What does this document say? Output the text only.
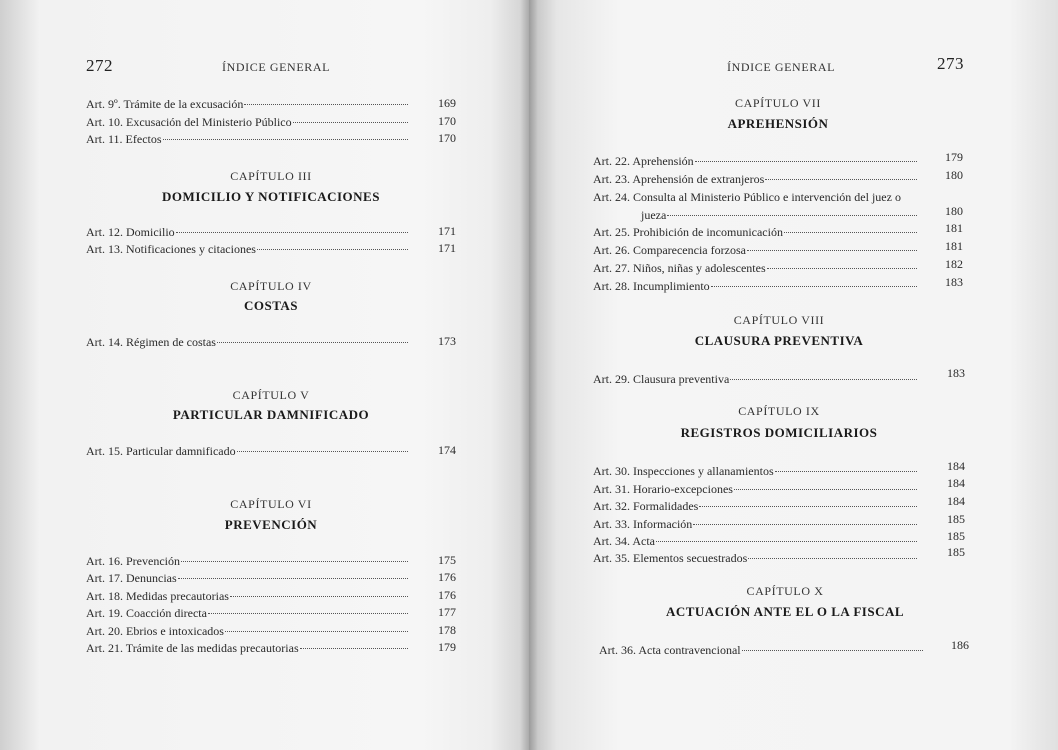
272	ÍNDICE GENERAL
Art. 9º. Trámite de la excusación	169
Art. 10. Excusación del Ministerio Público	170
Art. 11. Efectos	170
CAPÍTULO III
DOMICILIO Y NOTIFICACIONES
Art. 12. Domicilio	171
Art. 13. Notificaciones y citaciones	171
CAPÍTULO IV
COSTAS
Art. 14. Régimen de costas	173
CAPÍTULO V
PARTICULAR DAMNIFICADO
Art. 15. Particular damnificado	174
CAPÍTULO VI
PREVENCIÓN
Art. 16. Prevención	175
Art. 17. Denuncias	176
Art. 18. Medidas precautorias	176
Art. 19. Coacción directa	177
Art. 20. Ebrios e intoxicados	178
Art. 21. Trámite de las medidas precautorias	179
ÍNDICE GENERAL	273
CAPÍTULO VII
APREHENSIÓN
Art. 22. Aprehensión	179
Art. 23. Aprehensión de extranjeros	180
Art. 24. Consulta al Ministerio Público e intervención del juez o
jueza	180
Art. 25. Prohibición de incomunicación	181
Art. 26. Comparecencia forzosa	181
Art. 27. Niños, niñas y adolescentes	182
Art. 28. Incumplimiento	183
CAPÍTULO VIII
CLAUSURA PREVENTIVA
Art. 29. Clausura preventiva	183
CAPÍTULO IX
REGISTROS DOMICILIARIOS
Art. 30. Inspecciones y allanamientos	184
Art. 31. Horario-excepciones	184
Art. 32. Formalidades	184
Art. 33. Información	185
Art. 34. Acta	185
Art. 35. Elementos secuestrados	185
CAPÍTULO X
ACTUACIÓN ANTE EL O LA FISCAL
Art. 36. Acta contravencional	186
